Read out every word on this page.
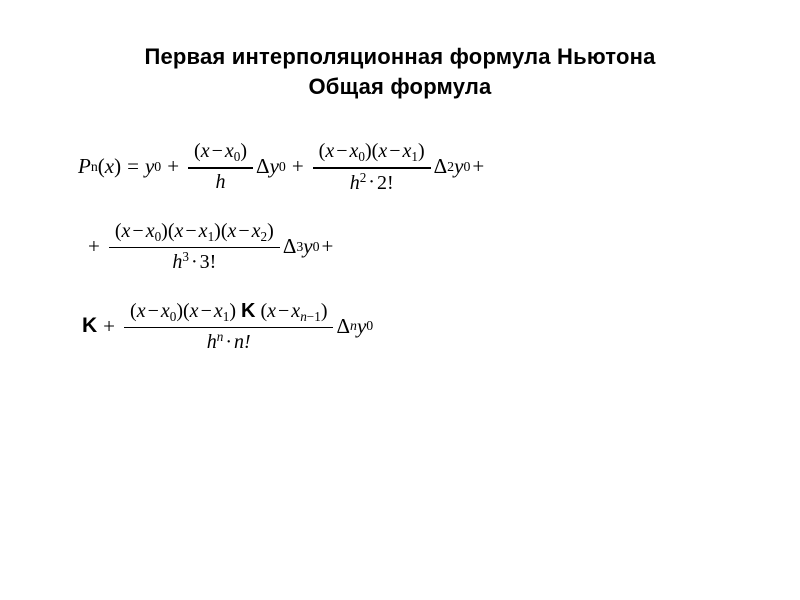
Первая интерполяционная формула Ньютона
Общая формула
P n ( x ) = y $0 + \frac{(x - x_0)}{h}$ Δ y $0 + \frac{(x - x_0)(x - x_1)}{h^2 \cdot 2!}$ Δ 2 y 0 +
+ $\frac{(x - x_0)(x - x_1)(x - x_2)}{h^3 \cdot 3!}$ Δ 3 y 0 +
$K + \frac{(x - x_0)(x - x_1) K (x - x_{n-1})}{h^n \cdot n!}$ Δ n y 0
